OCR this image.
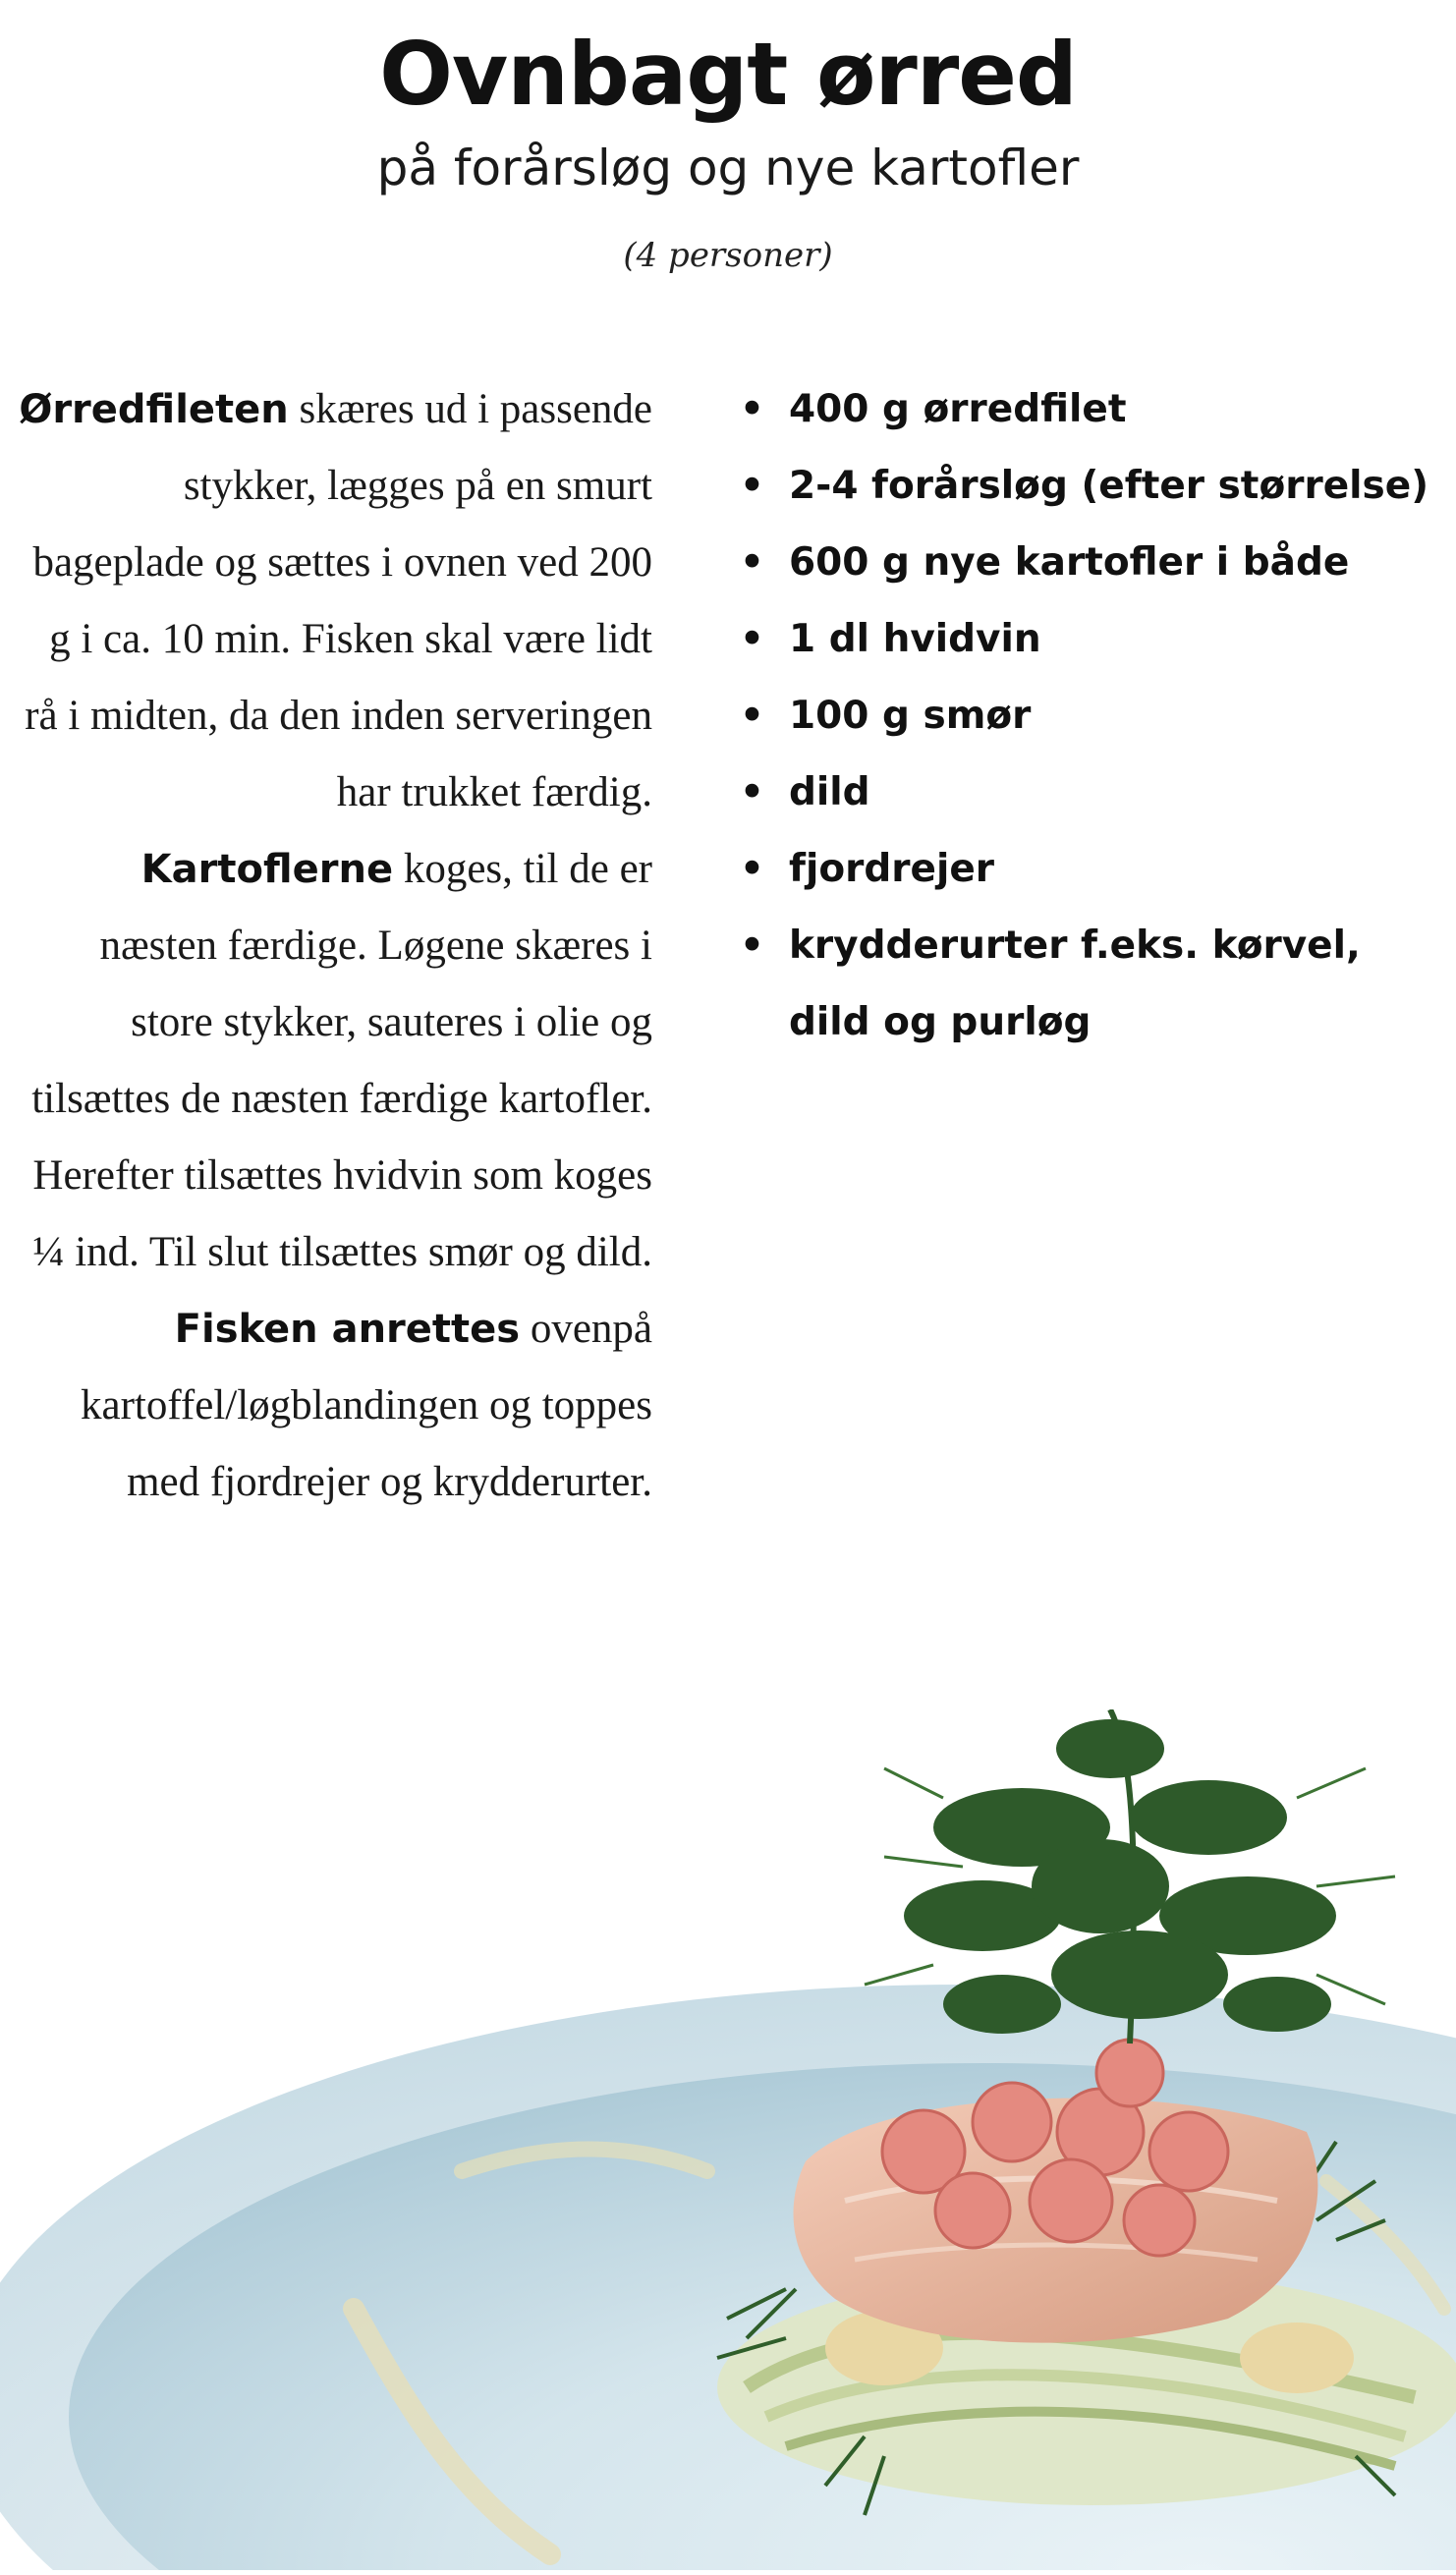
Ovnbagt ørred
på forårsløg og nye kartofler
(4 personer)
Ørredfileten skæres ud i passende stykker, lægges på en smurt bageplade og sættes i ovnen ved 200 g i ca. 10 min. Fisken skal være lidt rå i midten, da den inden serveringen har trukket færdig.
Kartoflerne koges, til de er næsten færdige. Løgene skæres i store stykker, sauteres i olie og tilsættes de næsten færdige kartofler. Herefter tilsættes hvidvin som koges ¼ ind. Til slut tilsættes smør og dild.
Fisken anrettes ovenpå kartoffel/løgblandingen og toppes med fjordrejer og krydderurter.
• 400 g ørredfilet
• 2-4 forårsløg (efter størrelse)
• 600 g nye kartofler i både
• 1 dl hvidvin
• 100 g smør
• dild
• fjordrejer
• krydderurter f.eks. kørvel, dild og purløg
